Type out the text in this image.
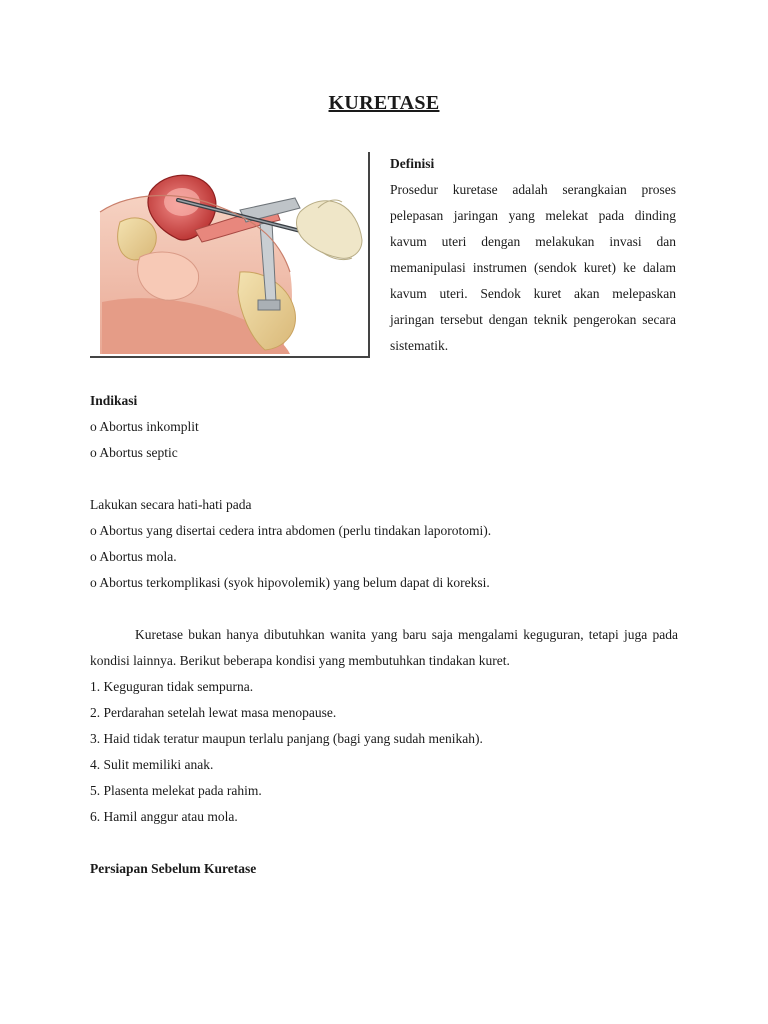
KURETASE
Definisi
Prosedur kuretase adalah serangkaian proses pelepasan jaringan yang melekat pada dinding kavum uteri dengan melakukan invasi dan memanipulasi instrumen (sendok kuret) ke dalam kavum uteri. Sendok kuret akan melepaskan jaringan tersebut dengan teknik pengerokan secara sistematik.
Indikasi
o Abortus inkomplit
o Abortus septic
Lakukan secara hati-hati pada
o Abortus yang disertai cedera intra abdomen (perlu tindakan laporotomi).
o Abortus mola.
o Abortus terkomplikasi (syok hipovolemik) yang belum dapat di koreksi.
Kuretase bukan hanya dibutuhkan wanita yang baru saja mengalami keguguran, tetapi juga pada kondisi lainnya. Berikut beberapa kondisi yang membutuhkan tindakan kuret.
1. Keguguran tidak sempurna.
2. Perdarahan setelah lewat masa menopause.
3. Haid tidak teratur maupun terlalu panjang (bagi yang sudah menikah).
4. Sulit memiliki anak.
5. Plasenta melekat pada rahim.
6. Hamil anggur atau mola.
Persiapan Sebelum Kuretase
